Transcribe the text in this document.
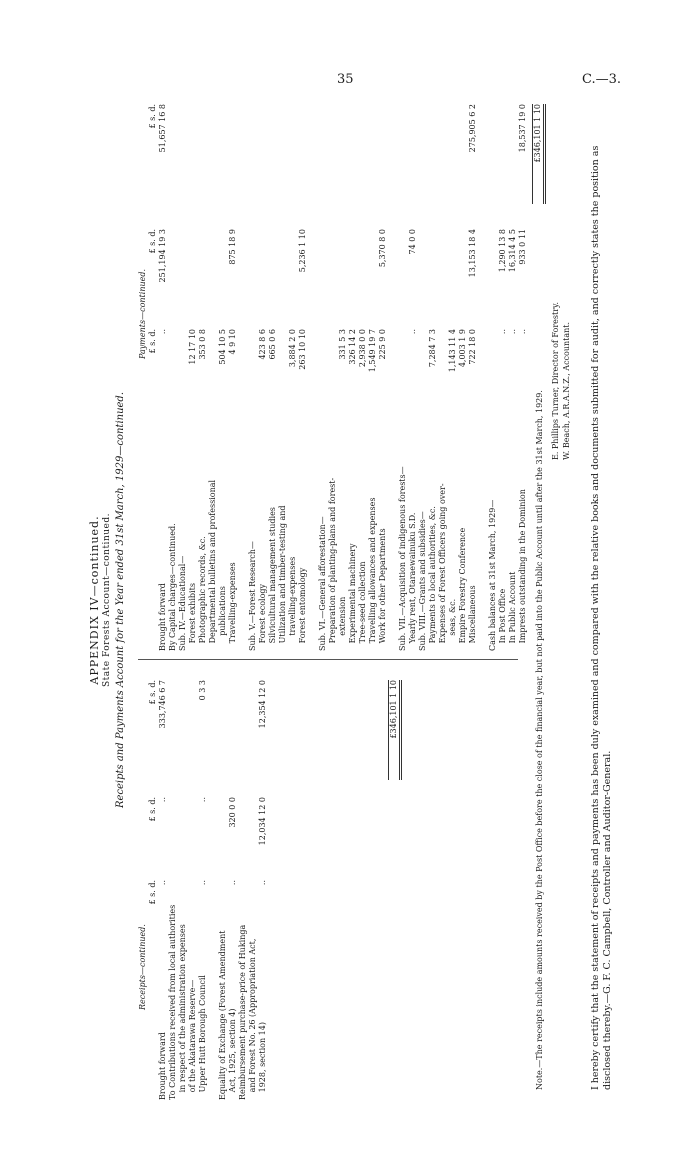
35	C.—3.
APPENDIX IV—continued. State Forests Account—continued. Receipts and Payments Account for the Year ended 31st March, 1929—continued.
Receipts—continued.
£ s. d.
£ s. d.
£ s. d.
Brought forward
..
..
333,746 6 7
To Contributions received from local authorities in respect of the administration expenses of the Akatarawa Reserve— Upper Hutt Borough Council
..
..
0 3 3
Equality of Exchange (Forest Amendment Act, 1925, section 4)
..
320 0 0
Reimbursement purchase-price of Hukinga and Forest No. 26 (Appropriation Act, 1928, section 14)
..
12,034 12 0
12,354 12 0	£346,101 1 10
Payments—continued. £ s. d.
£ s. d.
£ s. d.
Brought forward
..
251,194 19 3
51,657 16 8
By Capital charges—continued. Sub. IV.—Educational— Forest exhibits
12 17 10
Photographic records, &c.
353 0 8
Departmental bulletins and professional publications
504 10 5
Travelling-expenses
4 9 10
875 18 9
Sub. V.—Forest Research— Forest ecology
423 8 6
Silvicultural management studies
665 0 6
Utilization and timber-testing and travelling-expenses
3,884 2 0
Forest entomology
263 10 10
5,236 1 10
Sub. VI.—General afforestation— Preparation of planting-plans and forest- extension
331 5 3
Experimental machinery
326 14 2
Tree-seed collection
2,938 0 0
Travelling allowances and expenses
1,549 19 7
Work for other Departments
225 9 0
5,370 8 0
Sub. VII.—Acquisition of indigenous forests— Yearly rent, Otaraewainuku S.D.
..
74 0 0
Sub. VIII.—Grants and subsidies— Payments to local authorities, &c.
7,284 7 3
Expenses of Forest Officers going over- seas, &c.
1,143 11 4
Empire Forestry Conference
4,003 1 9
Miscellaneous
722 18 0
13,153 18 4
275,905 6 2
Cash balances at 31st March, 1929— In Post Office
..
1,290 13 8
In Public Account
..
16,314 4 5
Imprests outstanding in the Dominion
..
933 0 11
18,537 19 0 £346,101 1 10
Note.—The receipts include amounts received by the Post Office before the close of the financial year, but not paid into the Public Account until after the 31st March, 1929.
E. Phillips Turner, Director of Forestry. W. Beach, A.R.A.N.Z., Accountant. I hereby certify that the statement of receipts and payments has been duly examined and compared with the relative books and documents submitted for audit, and correctly states the position as disclosed thereby.—G. F. C. Campbell, Controller and Auditor-General.
